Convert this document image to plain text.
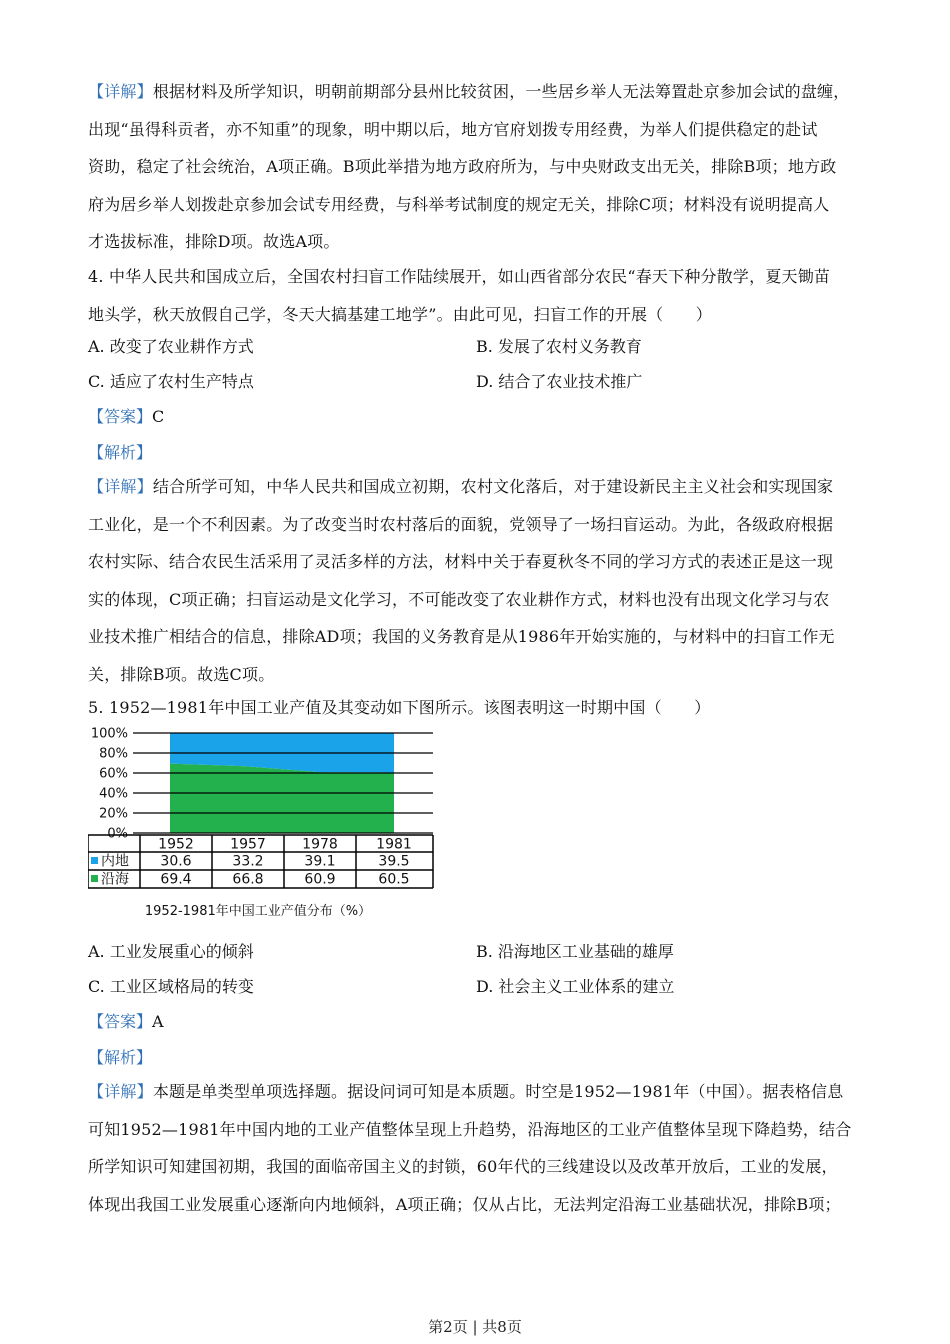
【详解】根据材料及所学知识，明朝前期部分县州比较贫困，一些居乡举人无法筹置赴京参加会试的盘缠，
出现“虽得科贡者，亦不知重”的现象，明中期以后，地方官府划拨专用经费，为举人们提供稳定的赴试
资助，稳定了社会统治，A项正确。B项此举措为地方政府所为，与中央财政支出无关，排除B项；地方政
府为居乡举人划拨赴京参加会试专用经费，与科举考试制度的规定无关，排除C项；材料没有说明提高人
才选拔标准，排除D项。故选A项。
4. 中华人民共和国成立后，全国农村扫盲工作陆续展开，如山西省部分农民“春天下种分散学，夏天锄苗
地头学，秋天放假自己学，冬天大搞基建工地学”。由此可见，扫盲工作的开展（　　）
A. 改变了农业耕作方式	B. 发展了农村义务教育
C. 适应了农村生产特点	D. 结合了农业技术推广
【答案】C
【解析】
【详解】结合所学可知，中华人民共和国成立初期，农村文化落后，对于建设新民主主义社会和实现国家
工业化，是一个不利因素。为了改变当时农村落后的面貌，党领导了一场扫盲运动。为此，各级政府根据
农村实际、结合农民生活采用了灵活多样的方法，材料中关于春夏秋冬不同的学习方式的表述正是这一现
实的体现，C项正确；扫盲运动是文化学习，不可能改变了农业耕作方式，材料也没有出现文化学习与农
业技术推广相结合的信息，排除AD项；我国的义务教育是从1986年开始实施的，与材料中的扫盲工作无
关，排除B项。故选C项。
5. 1952—1981年中国工业产值及其变动如下图所示。该图表明这一时期中国（　　）
0%
20%
40%
60%
80%
100%
1952	1957	1978	1981
内地 30.6	33.2	39.1	39.5
沿海 69.4	66.8	60.9	60.5
1952-1981年中国工业产值分布（%）
A. 工业发展重心的倾斜	B. 沿海地区工业基础的雄厚
C. 工业区域格局的转变	D. 社会主义工业体系的建立
【答案】A
【解析】
【详解】本题是单类型单项选择题。据设问词可知是本质题。时空是1952—1981年（中国）。据表格信息
可知1952—1981年中国内地的工业产值整体呈现上升趋势，沿海地区的工业产值整体呈现下降趋势，结合
所学知识可知建国初期，我国的面临帝国主义的封锁，60年代的三线建设以及改革开放后，工业的发展，
体现出我国工业发展重心逐渐向内地倾斜，A项正确；仅从占比，无法判定沿海工业基础状况，排除B项；
第2页 | 共8页
